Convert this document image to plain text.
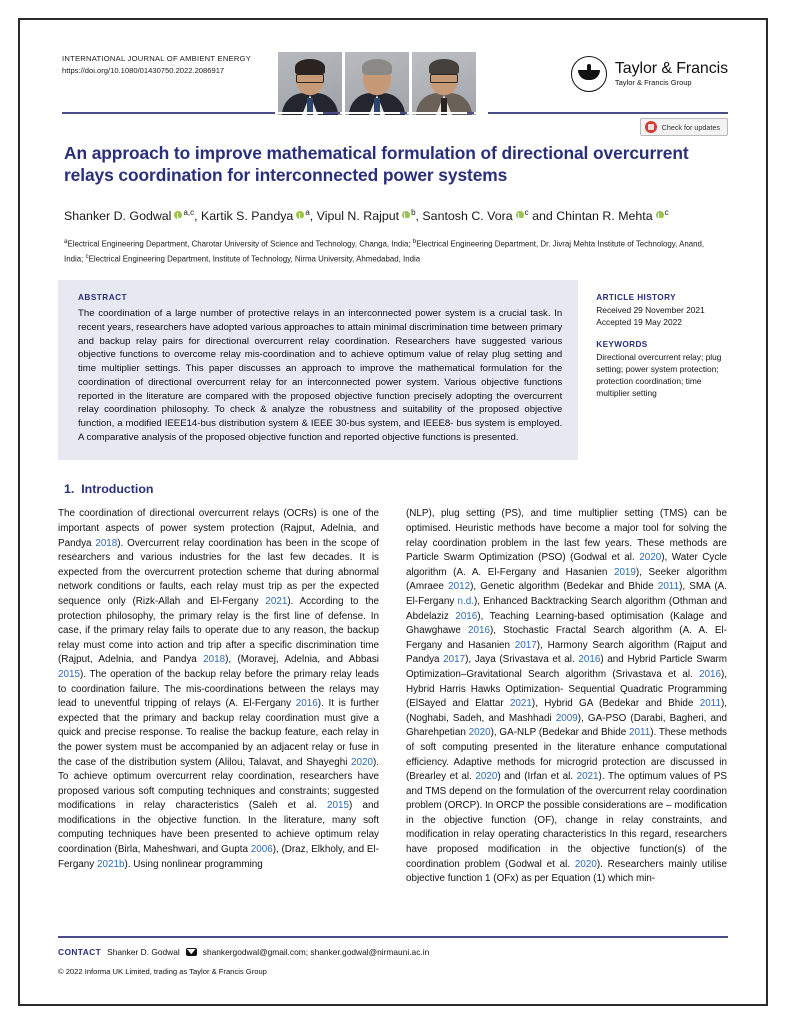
INTERNATIONAL JOURNAL OF AMBIENT ENERGY
https://doi.org/10.1080/01430750.2022.2086917	Taylor & Francis
Taylor & Francis Group
Check for updates
An approach to improve mathematical formulation of directional overcurrent relays coordination for interconnected power systems
Shanker D. Godwal $^{a,c}$, Kartik S. Pandya $^a$, Vipul N. Rajput $^b$, Santosh C. Vora $^c$ and Chintan R. Mehta $^c$
$^a$Electrical Engineering Department, Charotar University of Science and Technology, Changa, India; $^b$Electrical Engineering Department, Dr. Jivraj Mehta Institute of Technology, Anand, India; $^c$Electrical Engineering Department, Institute of Technology, Nirma University, Ahmedabad, India
ABSTRACT
The coordination of a large number of protective relays in an interconnected power system is a crucial task. In recent years, researchers have adopted various approaches to attain minimal discrimination time between primary and backup relay pairs for directional overcurrent relay coordination. Researchers have suggested various objective functions to overcome relay mis-coordination and to achieve optimum value of relay plug setting and time multiplier settings. This paper discusses an approach to improve the mathematical formulation for the coordination of directional overcurrent relay for an interconnected power system. Various objective functions reported in the literature are compared with the proposed objective function precisely adopting the overcurrent relay coordination philosophy. To check & analyze the robustness and suitability of the proposed objective function, a modified IEEE14-bus distribution system & IEEE 30-bus system, and IEEE8- bus system is employed. A comparative analysis of the proposed objective function and reported objective functions is presented.
ARTICLE HISTORY
Received 29 November 2021
Accepted 19 May 2022
KEYWORDS
Directional overcurrent relay; plug setting; power system protection; protection coordination; time multiplier setting
1. Introduction

The coordination of directional overcurrent relays (OCRs) is one of the important aspects of power system protection (Rajput, Adelnia, and Pandya 2018). Overcurrent relay coordination has been in the scope of researchers and various industries for the last few decades. It is expected from the overcurrent protection scheme that during abnormal network conditions or faults, each relay must trip as per the expected sequence only (Rizk-Allah and El-Fergany 2021). According to the protection philosophy, the primary relay is the first line of defense. In case, if the primary relay fails to operate due to any reason, the backup relay must come into action and trip after a specific discrimination time (Rajput, Adelnia, and Pandya 2018), (Moravej, Adelnia, and Abbasi 2015). The operation of the backup relay before the primary relay leads to coordination failure. The mis-coordinations between the relays may lead to uneventful tripping of relays (A. El-Fergany 2016). It is further expected that the primary and backup relay coordination must give a quick and precise response. To realise the backup feature, each relay in the power system must be accompanied by an adjacent relay or fuse in the case of the distribution system (Alilou, Talavat, and Shayeghi 2020). To achieve optimum overcurrent relay coordination, researchers have proposed various soft computing techniques and constraints; suggested modifications in relay characteristics (Saleh et al. 2015) and modifications in the objective function. In the literature, many soft computing techniques have been presented to achieve optimum relay coordination (Birla, Maheshwari, and Gupta 2006), (Draz, Elkholy, and El-Fergany 2021b). Using nonlinear programming

(NLP), plug setting (PS), and time multiplier setting (TMS) can be optimised. Heuristic methods have become a major tool for solving the relay coordination problem in the last few years. These methods are Particle Swarm Optimization (PSO) (Godwal et al. 2020), Water Cycle algorithm (A. A. El-Fergany and Hasanien 2019), Seeker algorithm (Amraee 2012), Genetic algorithm (Bedekar and Bhide 2011), SMA (A. El-Fergany n.d.), Enhanced Backtracking Search algorithm (Othman and Abdelaziz 2016), Teaching Learning-based optimisation (Kalage and Ghawghawe 2016), Stochastic Fractal Search algorithm (A. A. El-Fergany and Hasanien 2017), Harmony Search algorithm (Rajput and Pandya 2017), Jaya (Srivastava et al. 2016) and Hybrid Particle Swarm Optimization–Gravitational Search algorithm (Srivastava et al. 2016), Hybrid Harris Hawks Optimization- Sequential Quadratic Programming (ElSayed and Elattar 2021), Hybrid GA (Bedekar and Bhide 2011), (Noghabi, Sadeh, and Mashhadi 2009), GA-PSO (Darabi, Bagheri, and Gharehpetian 2020), GA-NLP (Bedekar and Bhide 2011). These methods of soft computing presented in the literature enhance computational efficiency. Adaptive methods for microgrid protection are discussed in (Brearley et al. 2020) and (Irfan et al. 2021). The optimum values of PS and TMS depend on the formulation of the overcurrent relay coordination problem (ORCP). In ORCP the possible considerations are – modification in the objective function (OF), change in relay constraints, and modification in relay operating characteristics In this regard, researchers have proposed modification in the objective function(s) of the coordination problem (Godwal et al. 2020). Researchers mainly utilise objective function 1 (OFx) as per Equation (1) which min-

CONTACT Shanker D. Godwal	shankergodwal@gmail.com; shanker.godwal@nirmauni.ac.in
© 2022 Informa UK Limited, trading as Taylor & Francis Group
